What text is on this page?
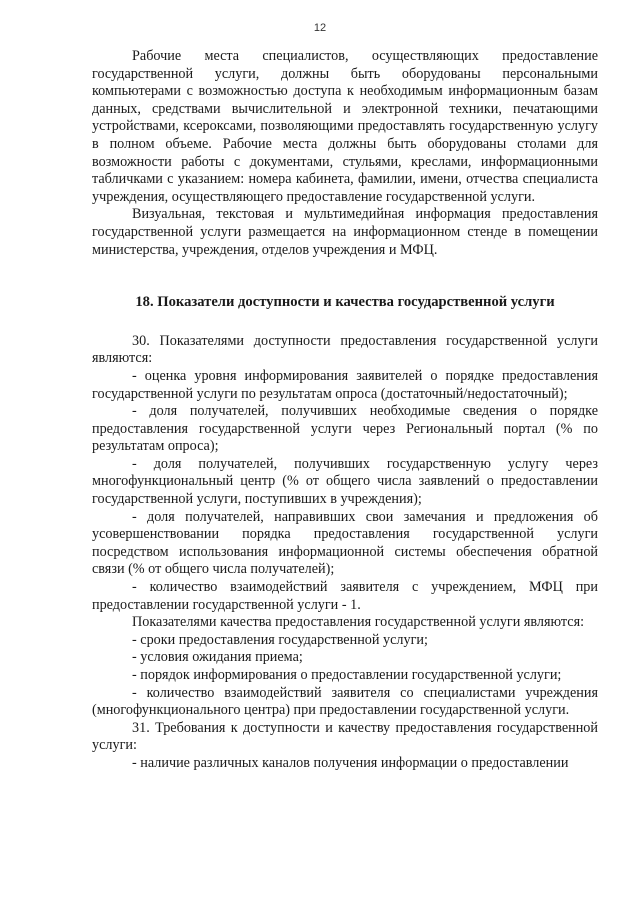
12

Рабочие места специалистов, осуществляющих предоставление государственной услуги, должны быть оборудованы персональными компьютерами с возможностью доступа к необходимым информационным базам данных, средствами вычислительной и электронной техники, печатающими устройствами, ксероксами, позволяющими предоставлять государственную услугу в полном объеме. Рабочие места должны быть оборудованы столами для возможности работы с документами, стульями, креслами, информационными табличками с указанием: номера кабинета, фамилии, имени, отчества специалиста учреждения, осуществляющего предоставление государственной услуги.

Визуальная, текстовая и мультимедийная информация предоставления государственной услуги размещается на информационном стенде в помещении министерства, учреждения, отделов учреждения и МФЦ.

18. Показатели доступности и качества государственной услуги

30. Показателями доступности предоставления государственной услуги являются:

- оценка уровня информирования заявителей о порядке предоставления государственной услуги по результатам опроса (достаточный/недостаточный);

- доля получателей, получивших необходимые сведения о порядке предоставления государственной услуги через Региональный портал (% по результатам опроса);

- доля получателей, получивших государственную услугу через многофункциональный центр (% от общего числа заявлений о предоставлении государственной услуги, поступивших в учреждения);

- доля получателей, направивших свои замечания и предложения об усовершенствовании порядка предоставления государственной услуги посредством использования информационной системы обеспечения обратной связи (% от общего числа получателей);

- количество взаимодействий заявителя с учреждением, МФЦ при предоставлении государственной услуги - 1.

Показателями качества предоставления государственной услуги являются:

- сроки предоставления государственной услуги;

- условия ожидания приема;

- порядок информирования о предоставлении государственной услуги;

- количество взаимодействий заявителя со специалистами учреждения (многофункционального центра) при предоставлении государственной услуги.

31. Требования к доступности и качеству предоставления государственной услуги:

- наличие различных каналов получения информации о предоставлении
